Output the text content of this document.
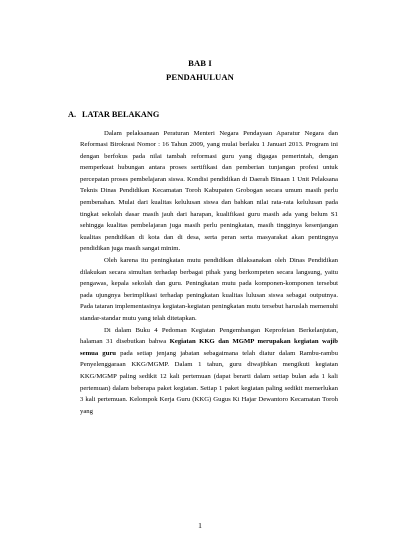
BAB I
PENDAHULUAN
A. LATAR BELAKANG

Dalam pelaksanaan Peraturan Menteri Negara Pendayaan Aparatur Negara dan Reformasi Birokrasi Nomor : 16 Tahun 2009, yang mulai berlaku 1 Januari 2013. Program ini dengan berfokus pada nilai tambah reformasi guru yang digagas pemerintah, dengan memperkuat hubungan antara proses sertifikasi dan pemberian tunjangan profesi untuk percepatan proses pembelajaran siswa. Kondisi pendidikan di Daerah Binaan 1 Unit Pelaksana Teknis Dinas Pendidikan Kecamatan Toroh Kabupaten Grobogan secara umum masih perlu pembenahan. Mulai dari kualitas kelulusan siswa dan bahkan nilai rata-rata kelulusan pada tingkat sekolah dasar masih jauh dari harapan, kualifikasi guru masih ada yang belum S1 sehingga kualitas pembelajaran juga masih perlu peningkatan, masih tingginya kesenjangan kualitas pendidikan di kota dan di desa, serta peran serta masyarakat akan pentingnya pendidikan juga masih sangat minim.

Oleh karena itu peningkatan mutu pendidikan dilaksanakan oleh Dinas Pendidikan dilakukan secara simultan terhadap berbagai pihak yang berkompeten secara langsung, yaitu pengawas, kepala sekolah dan guru. Peningkatan mutu pada komponen-komponen tersebut pada ujungnya berimplikasi terhadap peningkatan kualitas lulusan siswa sebagai outputnya. Pada tataran implementasinya kegiatan-kegiatan peningkatan mutu tersebut haruslah memenuhi standar-standar mutu yang telah ditetapkan.

Di dalam Buku 4 Pedoman Kegiatan Pengembangan Keprofeian Berkelanjutan, halaman 31 disebutkan bahwa Kegiatan KKG dan MGMP merupakan kegiatan wajib semua guru pada setiap jenjang jabatan sebagaimana telah diatur dalam Rambu-rambu Penyelenggaraan KKG/MGMP. Dalam 1 tahun, guru diwajibkan mengikuti kegiatan KKG/MGMP paling sedikit 12 kali pertemuan (dapat berarti dalam setiap bulan ada 1 kali pertemuan) dalam beberapa paket kegiatan. Setiap 1 paket kegiatan paling sedikit memerlukan 3 kali pertemuan. Kelompok Kerja Guru (KKG) Gugus Ki Hajar Dewantoro Kecamatan Toroh yang

1
